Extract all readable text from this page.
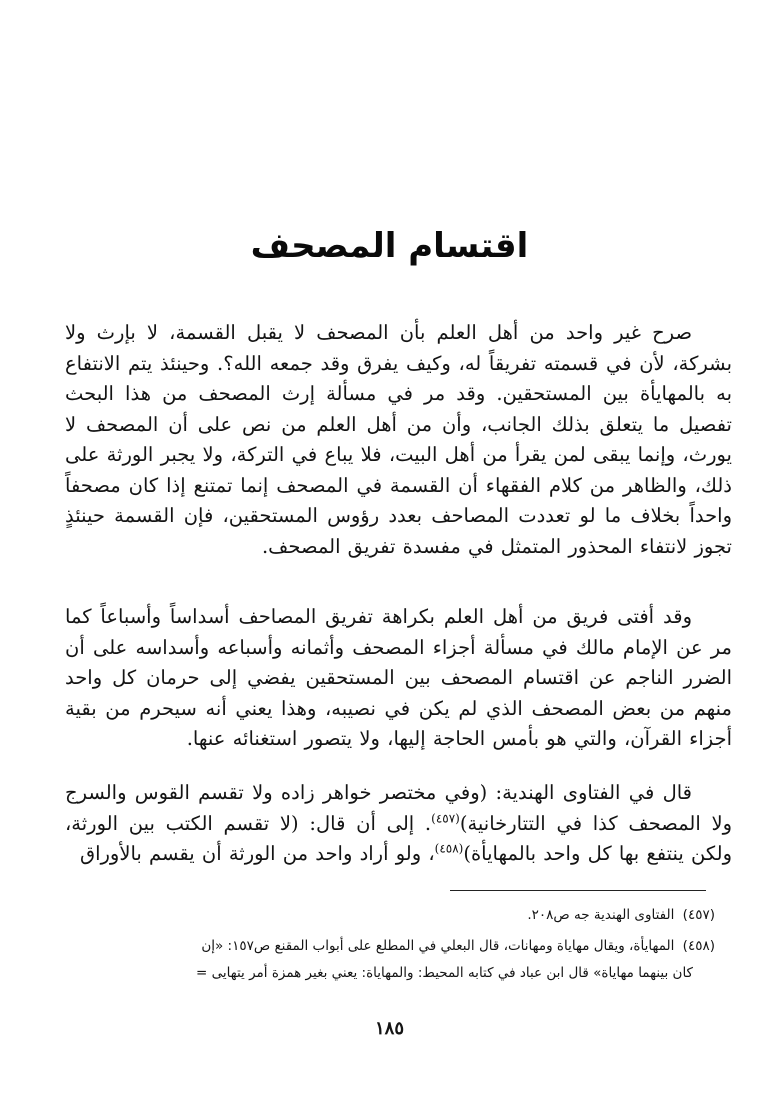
اقتسام المصحف

صرح غير واحد من أهل العلم بأن المصحف لا يقبل القسمة، لا بإرث ولا بشركة، لأن في قسمته تفريقاً له، وكيف يفرق وقد جمعه الله؟. وحينئذ يتم الانتفاع به بالمهايأة بين المستحقين. وقد مر في مسألة إرث المصحف من هذا البحث تفصيل ما يتعلق بذلك الجانب، وأن من أهل العلم من نص على أن المصحف لا يورث، وإنما يبقى لمن يقرأ من أهل البيت، فلا يباع في التركة، ولا يجبر الورثة على ذلك، والظاهر من كلام الفقهاء أن القسمة في المصحف إنما تمتنع إذا كان مصحفاً واحداً بخلاف ما لو تعددت المصاحف بعدد رؤوس المستحقين، فإن القسمة حينئذٍ تجوز لانتفاء المحذور المتمثل في مفسدة تفريق المصحف.

وقد أفتى فريق من أهل العلم بكراهة تفريق المصاحف أسداساً وأسباعاً كما مر عن الإمام مالك في مسألة أجزاء المصحف وأثمانه وأسباعه وأسداسه على أن الضرر الناجم عن اقتسام المصحف بين المستحقين يفضي إلى حرمان كل واحد منهم من بعض المصحف الذي لم يكن في نصيبه، وهذا يعني أنه سيحرم من بقية أجزاء القرآن، والتي هو بأمس الحاجة إليها، ولا يتصور استغنائه عنها.

قال في الفتاوى الهندية: (وفي مختصر خواهر زاده ولا تقسم القوس والسرج ولا المصحف كذا في التتارخانية)$^{(٤٥٧)}$. إلى أن قال: (لا تقسم الكتب بين الورثة، ولكن ينتفع بها كل واحد بالمهايأة)$^{(٤٥٨)}$، ولو أراد واحد من الورثة أن يقسم بالأوراق

(٤٥٧) الفتاوى الهندية جه ص٢٠٨.

(٤٥٨) المهايأة، ويقال مهاياة ومهانات، قال البعلي في المطلع على أبواب المقنع ص١٥٧: «إن
كان بينهما مهاياة» قال ابن عباد في كتابه المحيط: والمهاياة: يعني بغير همزة أمر يتهايى =

١٨٥
